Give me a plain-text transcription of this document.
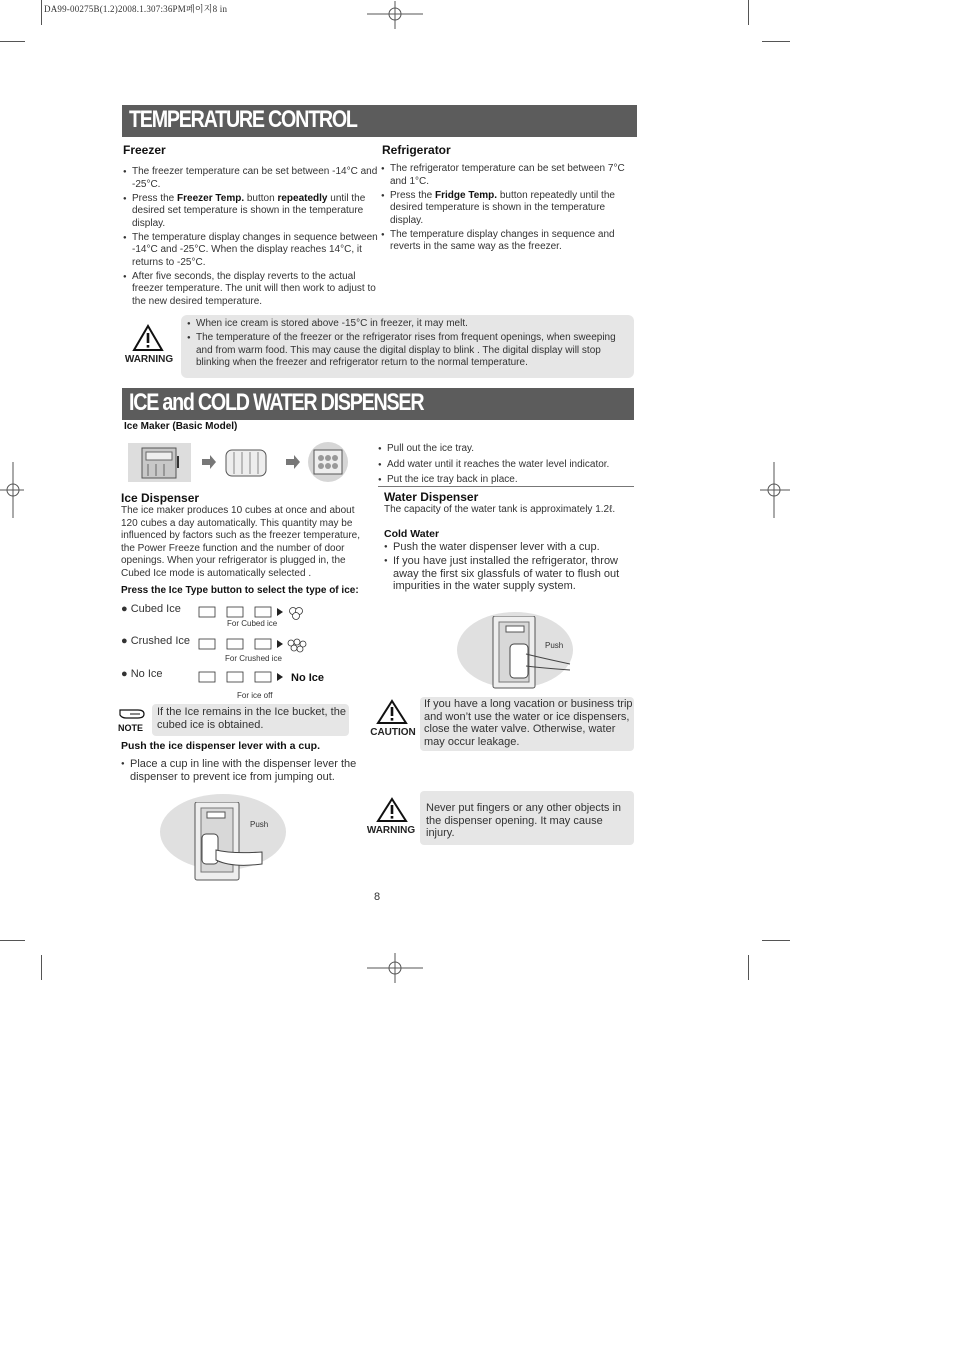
DA99-00275B(1.2)2008.1.307:36PM페이지8 in
TEMPERATURE CONTROL
Freezer
● The freezer temperature can be set between -14°C and -25°C.
● Press the Freezer Temp. button repeatedly until the desired set temperature is shown in the temperature display.
● The temperature display changes in sequence between -14°C and -25°C. When the display reaches 14°C, it returns to -25°C.
● After five seconds, the display reverts to the actual freezer temperature. The unit will then work to adjust to the new desired temperature.
Refrigerator
● The refrigerator temperature can be set between 7°C and 1°C.
● Press the Fridge Temp. button repeatedly until the desired temperature is shown in the temperature display.
● The temperature display changes in sequence and reverts in the same way as the freezer.
WARNING
● When ice cream is stored above -15°C in freezer, it may melt.
● The temperature of the freezer or the refrigerator rises from frequent openings, when sweeping and from warm food. This may cause the digital display to blink . The digital display will stop blinking when the freezer and refrigerator return to the normal temperature.
ICE and COLD WATER DISPENSER
Ice Maker (Basic Model)
● Pull out the ice tray.
● Add water until it reaches the water level indicator.
● Put the ice tray back in place.
Ice Dispenser
The ice maker produces 10 cubes at once and about 120 cubes a day automatically. This quantity may be influenced by factors such as the freezer temperature, the Power Freeze function and the number of door openings. When your refrigerator is plugged in, the Cubed Ice mode is automatically selected .
Press the Ice Type button to select the type of ice:
● Cubed Ice
● Crushed Ice
● No Ice
For Cubed ice
For Crushed ice
For ice off
No Ice
NOTE
If the Ice remains in the Ice bucket, the cubed ice is obtained.
Push the ice dispenser lever with a cup.
● Place a cup in line with the dispenser lever the dispenser to prevent ice from jumping out.
Push
Water Dispenser
The capacity of the water tank is approximately 1.2ℓ.
Cold Water
● Push the water dispenser lever with a cup.
● If you have just installed the refrigerator, throw away the first six glassfuls of water to flush out impurities in the water supply system.
Push
CAUTION
If you have a long vacation or business trip and won’t use the water or ice dispensers, close the water valve. Otherwise, water may occur leakage.
WARNING
Never put fingers or any other objects in the dispenser opening. It may cause injury.
8
